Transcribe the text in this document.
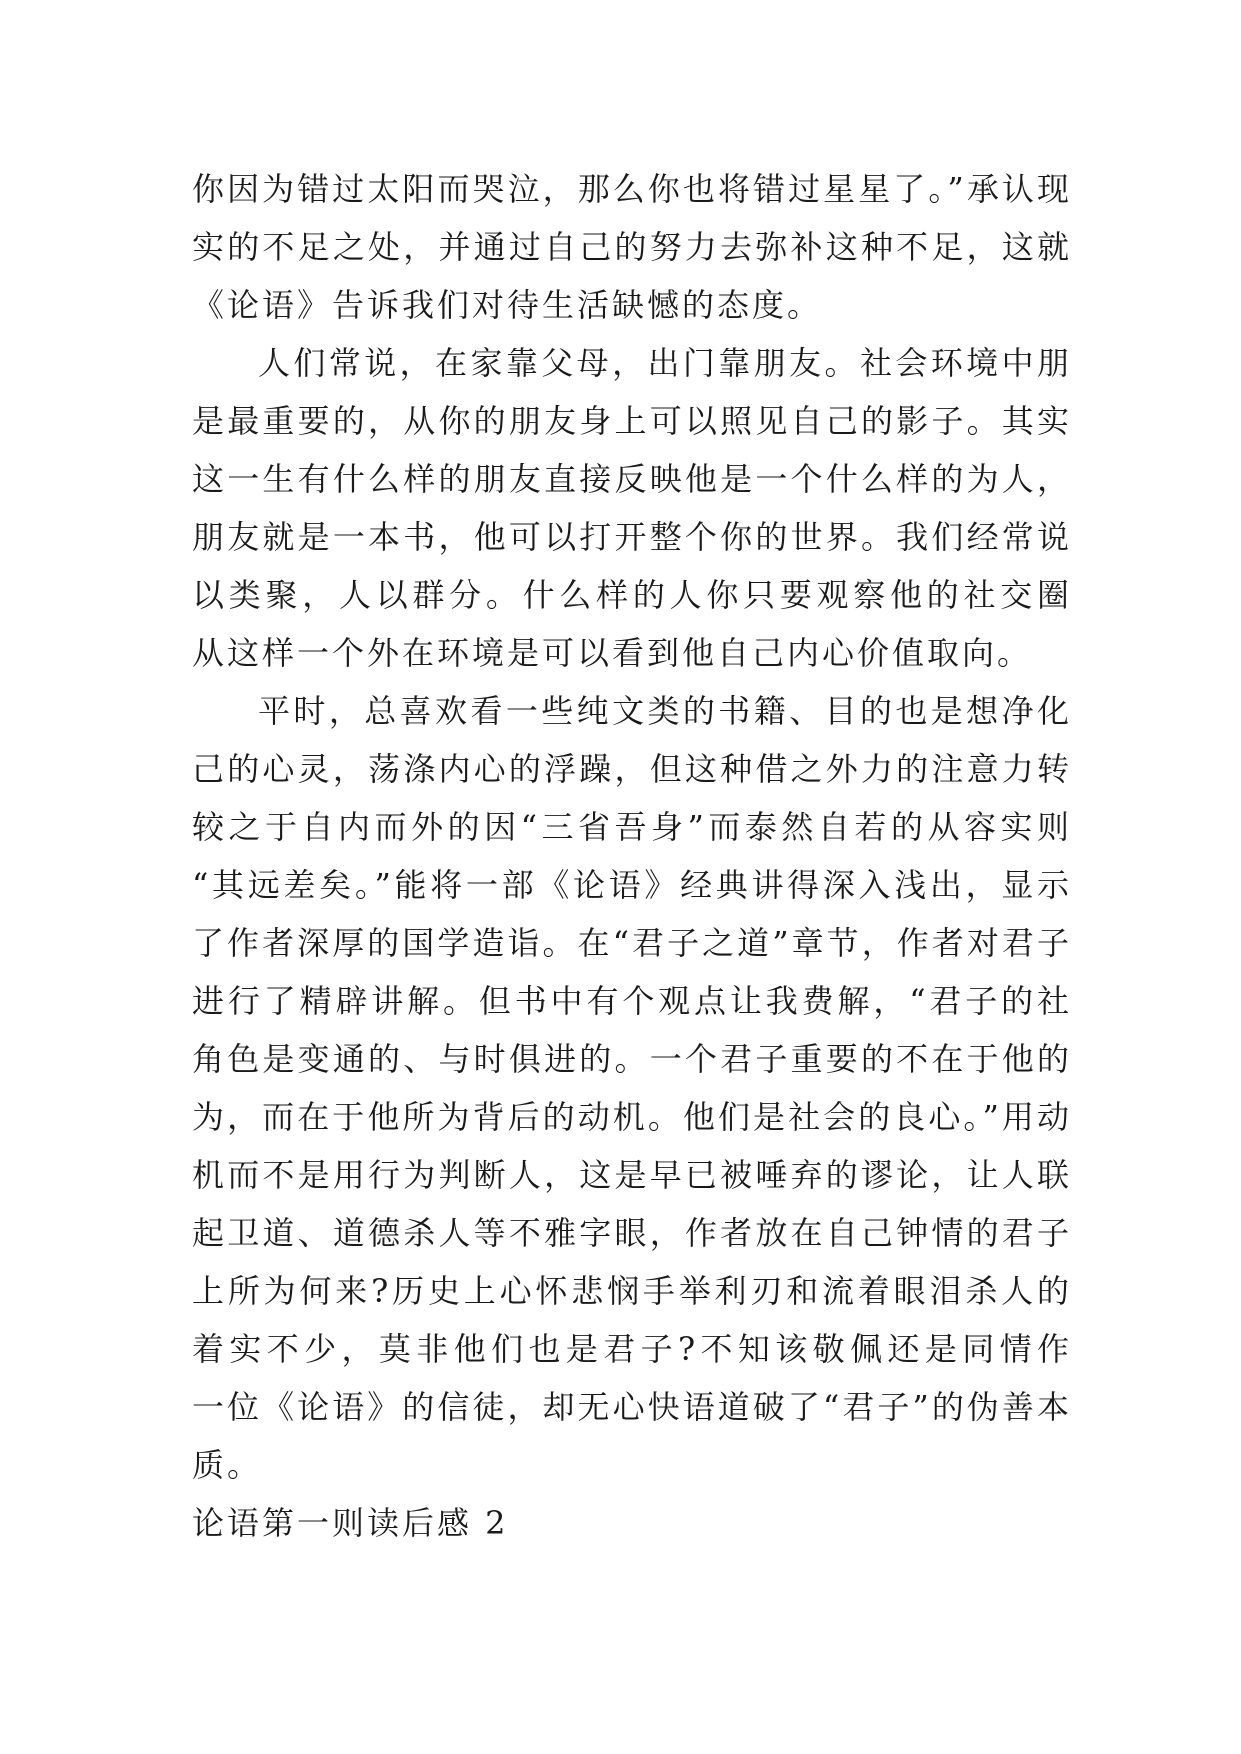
你因为错过太阳而哭泣，那么你也将错过星星了。”承认现
实的不足之处，并通过自己的努力去弥补这种不足，这就
《论语》告诉我们对待生活缺憾的态度。
人们常说，在家靠父母，出门靠朋友。社会环境中朋
是最重要的，从你的朋友身上可以照见自己的影子。其实
这一生有什么样的朋友直接反映他是一个什么样的为人，
朋友就是一本书，他可以打开整个你的世界。我们经常说
以类聚，人以群分。什么样的人你只要观察他的社交圈
从这样一个外在环境是可以看到他自己内心价值取向。
平时，总喜欢看一些纯文类的书籍、目的也是想净化
己的心灵，荡涤内心的浮躁，但这种借之外力的注意力转
较之于自内而外的因“三省吾身”而泰然自若的从容实则
“其远差矣。”能将一部《论语》经典讲得深入浅出，显示
了作者深厚的国学造诣。在“君子之道”章节，作者对君子
进行了精辟讲解。但书中有个观点让我费解，“君子的社
角色是变通的、与时俱进的。一个君子重要的不在于他的
为，而在于他所为背后的动机。他们是社会的良心。”用动
机而不是用行为判断人，这是早已被唾弃的谬论，让人联
起卫道、道德杀人等不雅字眼，作者放在自己钟情的君子
上所为何来?历史上心怀悲悯手举利刃和流着眼泪杀人的
着实不少，莫非他们也是君子?不知该敬佩还是同情作
一位《论语》的信徒，却无心快语道破了“君子”的伪善本
质。
论语第一则读后感 2
